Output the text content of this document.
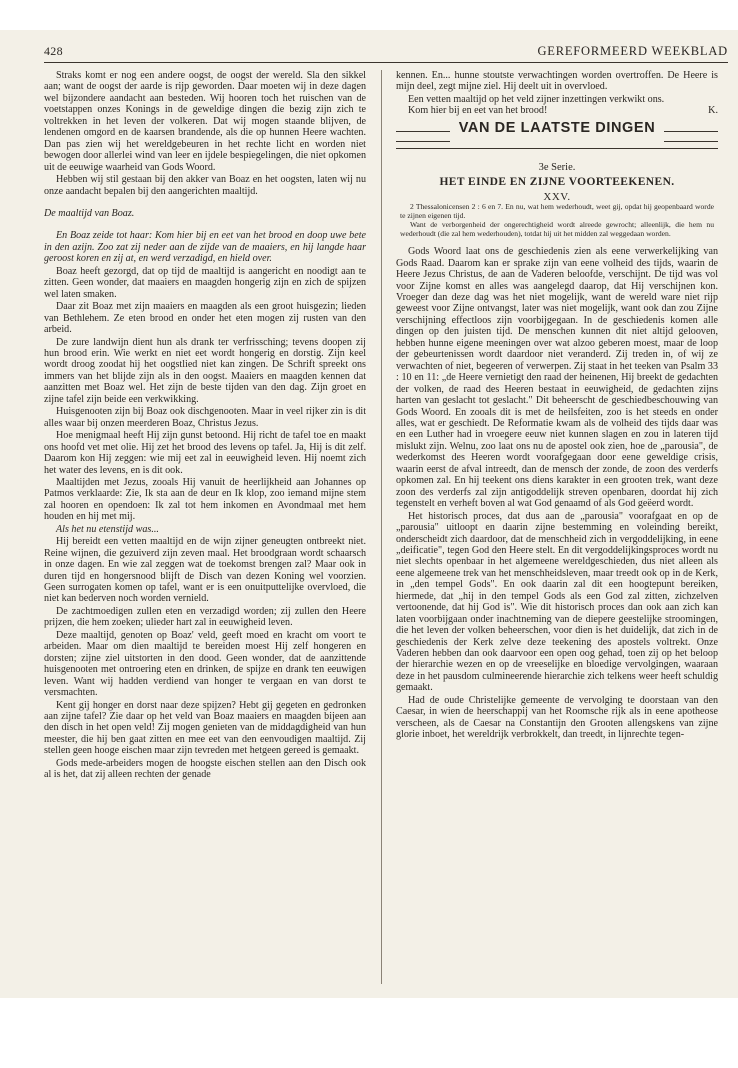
428	GEREFORMEERD WEEKBLAD

Straks komt er nog een andere oogst, de oogst der wereld. Sla den sikkel aan; want de oogst der aarde is rijp geworden. Daar moeten wij in deze dagen wel bijzondere aandacht aan besteden. Wij hooren toch het ruischen van de voetstappen onzes Konings in de geweldige dingen die bezig zijn zich te voltrekken in het leven der volkeren. Dat wij mogen staande blijven, de lendenen omgord en de kaarsen brandende, als die op hunnen Heere wachten. Dan pas zien wij het wereldgebeuren in het rechte licht en worden niet bewogen door allerlei wind van leer en ijdele bespiegelingen, die niet opkomen uit de eeuwige waarheid van Gods Woord.

Hebben wij stil gestaan bij den akker van Boaz en het oogsten, laten wij nu onze aandacht bepalen bij den aangerichten maaltijd.

De maaltijd van Boaz.

En Boaz zeide tot haar: Kom hier bij en eet van het brood en doop uwe bete in den azijn. Zoo zat zij neder aan de zijde van de maaiers, en hij langde haar geroost koren en zij at, en werd verzadigd, en hield over.

Boaz heeft gezorgd, dat op tijd de maaltijd is aangericht en noodigt aan te zitten. Geen wonder, dat maaiers en maagden hongerig zijn en zich de spijzen wel laten smaken.

Daar zit Boaz met zijn maaiers en maagden als een groot huisgezin; lieden van Bethlehem. Ze eten brood en onder het eten mogen zij rusten van den arbeid.

De zure landwijn dient hun als drank ter verfrissching; tevens doopen zij hun brood erin. Wie werkt en niet eet wordt hongerig en dorstig. Zijn keel wordt droog zoodat hij het oogstlied niet kan zingen. De Schrift spreekt ons immers van het blijde zijn als in den oogst. Maaiers en maagden kennen dat aanzitten met Boaz wel. Het zijn de beste tijden van den dag. Zijn groet en zijne tafel zijn beide een verkwikking.

Huisgenooten zijn bij Boaz ook dischgenooten. Maar in veel rijker zin is dit alles waar bij onzen meerderen Boaz, Christus Jezus.

Hoe menigmaal heeft Hij zijn gunst betoond. Hij richt de tafel toe en maakt ons hoofd vet met olie. Hij zet het brood des levens op tafel. Ja, Hij is dit zelf. Daarom kon Hij zeggen: wie mij eet zal in eeuwigheid leven. Hij noemt zich het water des levens, en is dit ook.

Maaltijden met Jezus, zooals Hij vanuit de heerlijkheid aan Johannes op Patmos verklaarde: Zie, Ik sta aan de deur en Ik klop, zoo iemand mijne stem zal hooren en opendoen: Ik zal tot hem inkomen en Avondmaal met hem houden en hij met mij.

Als het nu etenstijd was...

Hij bereidt een vetten maaltijd en de wijn zijner geneugten ontbreekt niet. Reine wijnen, die gezuiverd zijn zeven maal. Het broodgraan wordt schaarsch in onze dagen. En wie zal zeggen wat de toekomst brengen zal? Maar ook in duren tijd en hongersnood blijft de Disch van dezen Koning wel voorzien. Geen surrogaten komen op tafel, want er is een onuitputtelijke overvloed, die niet kan bederven noch worden vernield.

De zachtmoedigen zullen eten en verzadigd worden; zij zullen den Heere prijzen, die hem zoeken; ulieder hart zal in eeuwigheid leven.

Deze maaltijd, genoten op Boaz' veld, geeft moed en kracht om voort te arbeiden. Maar om dien maaltijd te bereiden moest Hij zelf hongeren en dorsten; zijne ziel uitstorten in den dood. Geen wonder, dat de aanzittende huisgenooten met ontroering eten en drinken, de spijze en drank ten eeuwigen leven. Want wij hadden verdiend van honger te vergaan en van dorst te versmachten.

Kent gij honger en dorst naar deze spijzen? Hebt gij gegeten en gedronken aan zijne tafel? Zie daar op het veld van Boaz maaiers en maagden bijeen aan den disch in het open veld! Zij mogen genieten van de middagdigheid van hun meester, die hij ben gaat zitten en mee eet van den eenvoudigen maaltijd. Zij stellen geen hooge eischen maar zijn tevreden met hetgeen gereed is gemaakt.

Gods mede-arbeiders mogen de hoogste eischen stellen aan den Disch ook al is het, dat zij alleen rechten der genade

kennen. En... hunne stoutste verwachtingen worden overtroffen. De Heere is mijn deel, zegt mijne ziel. Hij deelt uit in overvloed.

Een vetten maaltijd op het veld zijner inzettingen verkwikt ons.

Kom hier bij en eet van het brood!	K.

VAN DE LAATSTE DINGEN

3e Serie.

HET EINDE EN ZIJNE VOORTEEKENEN.

XXV.

2 Thessalonicensen 2 : 6 en 7. En nu, wat hem wederhoudt, weet gij, opdat hij geopenbaard worde te zijnen eigenen tijd.

Want de verborgenheid der ongerechtigheid wordt alreede gewrocht; alleenlijk, die hem nu wederhoudt (die zal hem wederhouden), totdat hij uit het midden zal weggedaan worden.

Gods Woord laat ons de geschiedenis zien als eene verwerkelijking van Gods Raad. Daarom kan er sprake zijn van eene volheid des tijds, waarin de Heere Jezus Christus, de aan de Vaderen beloofde, verschijnt. De tijd was vol voor Zijne komst en alles was aangelegd daarop, dat Hij verschijnen kon. Vroeger dan deze dag was het niet mogelijk, want de wereld ware niet rijp geweest voor Zijne ontvangst, later was niet mogelijk, want ook dan zou Zijne verschijning effectloos zijn voorbijgegaan. In de geschiedenis komen alle dingen op den juisten tijd. De menschen kunnen dit niet altijd gelooven, hebben hunne eigene meeningen over wat alzoo geberen moest, maar de loop der gebeurtenissen wordt daardoor niet veranderd. Zij treden in, of wij ze verwachten of niet, begeeren of verwerpen. Zij staat in het teeken van Psalm 33 : 10 en 11: „de Heere vernietigt den raad der heinenen, Hij breekt de gedachten der volken, de raad des Heeren bestaat in eeuwigheid, de gedachten zijns harten van geslacht tot geslacht." Dit beheerscht de geschiedbeschouwing van Gods Woord. En zooals dit is met de heilsfeiten, zoo is het steeds en onder alles, wat er geschiedt. De Reformatie kwam als de volheid des tijds daar was en een Luther had in vroegere eeuw niet kunnen slagen en zou in lateren tijd mislukt zijn. Welnu, zoo laat ons nu de apostel ook zien, hoe de „parousia", de wederkomst des Heeren wordt voorafgegaan door eene geweldige crisis, waarin eerst de afval intreedt, dan de mensch der zonde, de zoon des verderfs opkomen zal. En hij teekent ons diens karakter in een grooten trek, want deze zoon des verderfs zal zijn antigoddelijk streven openbaren, doordat hij zich tegenstelt en verheft boven al wat God genaamd of als God geëerd wordt.

Het historisch proces, dat dus aan de „parousia" voorafgaat en op de „parousia" uitloopt en daarin zijne bestemming en voleinding bereikt, onderscheidt zich daardoor, dat de menschheid zich in vergoddelijking, in eene „deificatie", tegen God den Heere stelt. En dit vergoddelijkingsproces wordt nu niet slechts openbaar in het algemeene wereldgeschieden, dus niet alleen als eene algemeene trek van het menschheidsleven, maar treedt ook op in de Kerk, in „den tempel Gods". En ook daarin zal dit een hoogtepunt bereiken, hiermede, dat „hij in den tempel Gods als een God zal zitten, zichzelven vertoonende, dat hij God is". Wie dit historisch proces dan ook aan zich kan laten voorbijgaan onder inachtneming van de diepere geestelijke stroomingen, die het leven der volken beheerschen, voor dien is het duidelijk, dat zich in de geschiedenis der Kerk zelve deze teekening des apostels voltrekt. Onze Vaderen hebben dan ook daarvoor een open oog gehad, toen zij op het beloop der hierarchie wezen en op de vreeselijke en bloedige vervolgingen, waaraan deze in het pausdom culmineerende hierarchie zich telkens weer heeft schuldig gemaakt.

Had de oude Christelijke gemeente de vervolging te doorstaan van den Caesar, in wien de heerschappij van het Roomsche rijk als in eene apotheose verscheen, als de Caesar na Constantijn den Grooten allengskens van zijne glorie inboet, het wereldrijk verbrokkelt, dan treedt, in lijnrechte tegen-
